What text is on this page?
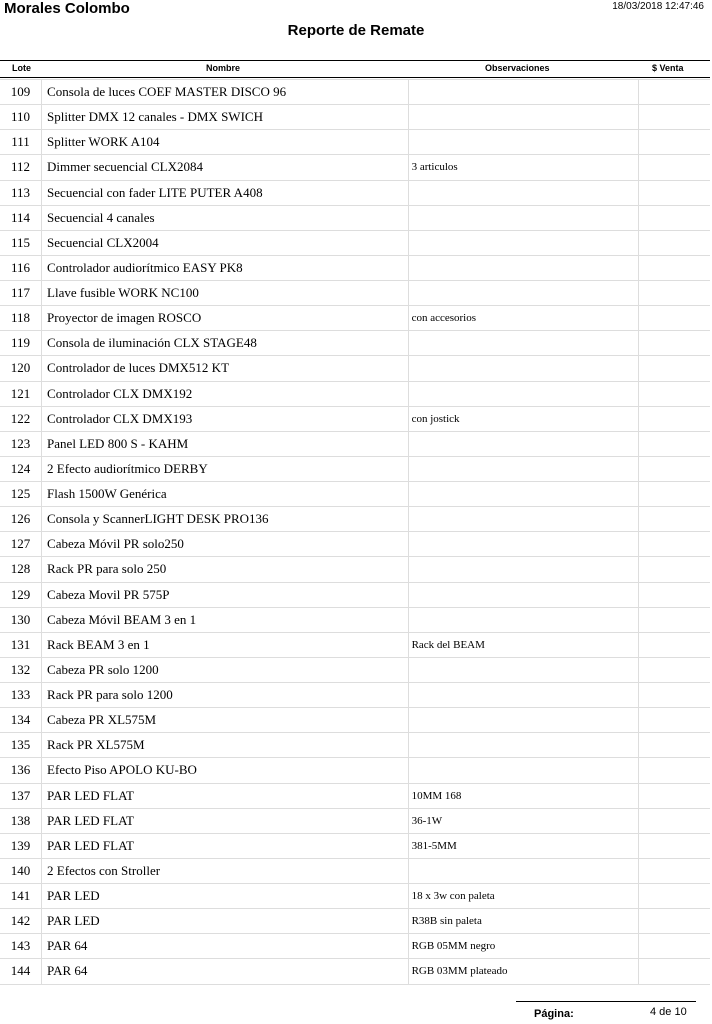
Morales Colombo	18/03/2018 12:47:46
Reporte de Remate
Lote	Nombre	Observaciones	$ Venta
109	Consola de luces COEF MASTER DISCO 96		
110	Splitter DMX 12 canales - DMX SWICH		
111	Splitter WORK A104		
112	Dimmer secuencial CLX2084	3 articulos	
113	Secuencial con fader LITE PUTER A408		
114	Secuencial 4 canales		
115	Secuencial CLX2004		
116	Controlador audiorítmico EASY PK8		
117	Llave fusible WORK NC100		
118	Proyector de imagen ROSCO	con accesorios	
119	Consola de iluminación CLX STAGE48		
120	Controlador de luces DMX512 KT		
121	Controlador CLX DMX192		
122	Controlador CLX DMX193	con jostick	
123	Panel LED 800 S - KAHM		
124	2 Efecto audiorítmico DERBY		
125	Flash 1500W Genérica		
126	Consola y ScannerLIGHT DESK PRO136		
127	Cabeza Móvil PR solo250		
128	Rack PR para solo 250		
129	Cabeza Movil PR 575P		
130	Cabeza Móvil BEAM 3 en 1		
131	Rack BEAM 3 en 1	Rack del BEAM	
132	Cabeza PR solo 1200		
133	Rack PR para solo 1200		
134	Cabeza PR XL575M		
135	Rack PR XL575M		
136	Efecto Piso APOLO KU-BO		
137	PAR LED FLAT	10MM 168	
138	PAR LED FLAT	36-1W	
139	PAR LED FLAT	381-5MM	
140	2 Efectos con Stroller		
141	PAR LED	18 x 3w con paleta	
142	PAR LED	R38B sin paleta	
143	PAR 64	RGB 05MM negro	
144	PAR 64	RGB 03MM plateado	
Página:	4 de 10
